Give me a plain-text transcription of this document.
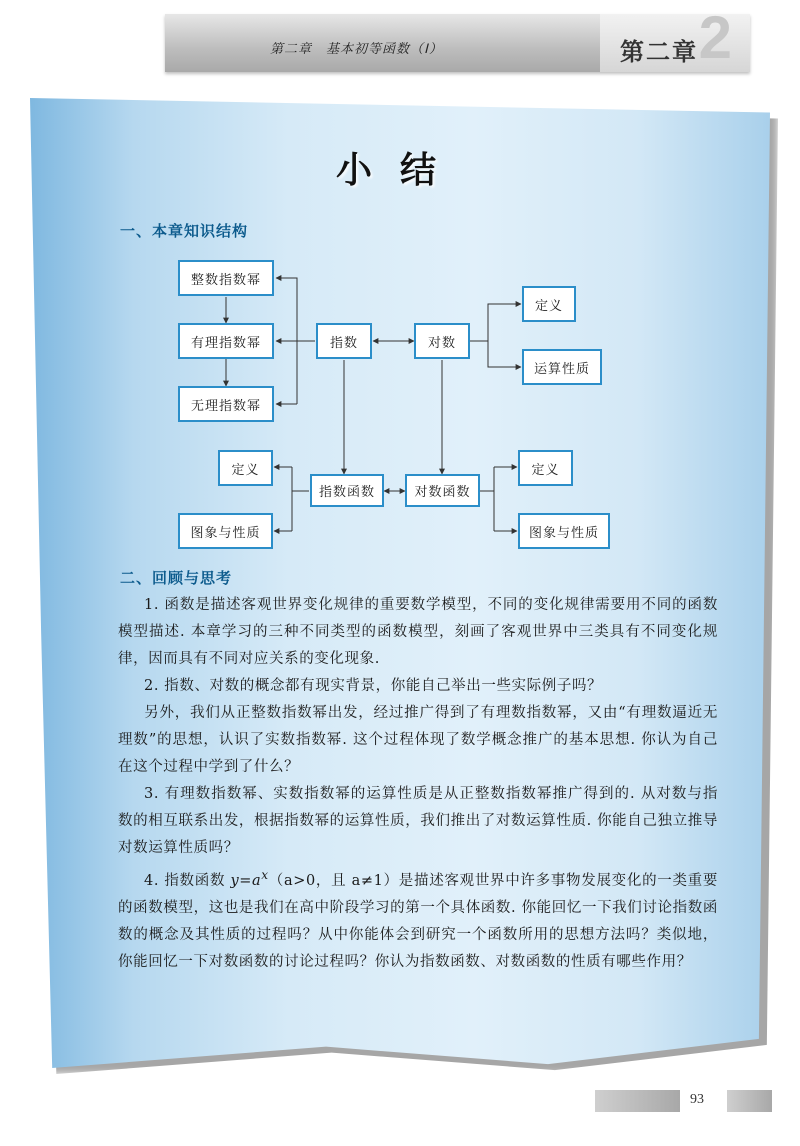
第二章　基本初等函数（Ⅰ）	2
第二章
小结
一、本章知识结构
整数指数幂
有理指数幂
无理指数幂
指数	对数
定义
运算性质
指数函数	对数函数
定义
图象与性质
定义
图象与性质
二、回顾与思考
1. 函数是描述客观世界变化规律的重要数学模型，不同的变化规律需要用不同的函数模型描述. 本章学习的三种不同类型的函数模型，刻画了客观世界中三类具有不同变化规律，因而具有不同对应关系的变化现象.
2. 指数、对数的概念都有现实背景，你能自己举出一些实际例子吗？
另外，我们从正整数指数幂出发，经过推广得到了有理数指数幂，又由“有理数逼近无理数”的思想，认识了实数指数幂. 这个过程体现了数学概念推广的基本思想. 你认为自己在这个过程中学到了什么？
3. 有理数指数幂、实数指数幂的运算性质是从正整数指数幂推广得到的. 从对数与指数的相互联系出发，根据指数幂的运算性质，我们推出了对数运算性质. 你能自己独立推导对数运算性质吗？
4. 指数函数 $y=a^x(a>0$，且 a≠1）是描述客观世界中许多事物发展变化的一类重要的函数模型，这也是我们在高中阶段学习的第一个具体函数. 你能回忆一下我们讨论指数函数的概念及其性质的过程吗？从中你能体会到研究一个函数所用的思想方法吗？类似地，你能回忆一下对数函数的讨论过程吗？你认为指数函数、对数函数的性质有哪些作用？
93
